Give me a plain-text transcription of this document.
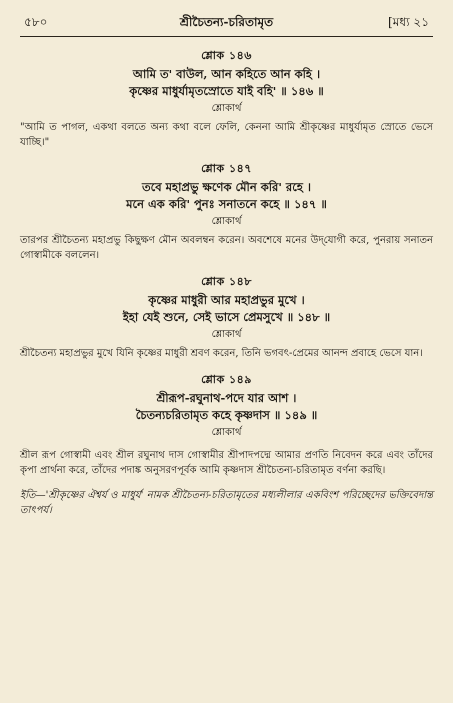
৫৮০	শ্রীচৈতন্য-চরিতামৃত	[মধ্য ২১
শ্লোক ১৪৬
আমি ত' বাউল, আন কহিতে আন কহি ।
কৃষ্ণের মাধুর্যামৃতস্রোতে যাই বহি' ॥ ১৪৬ ॥
শ্লোকার্থ

"আমি ত পাগল, একথা বলতে অন্য কথা বলে ফেলি, কেননা আমি শ্রীকৃষ্ণের মাধুর্যামৃত স্রোতে ভেসে যাচ্ছি।"

শ্লোক ১৪৭
তবে মহাপ্রভু ক্ষণেক মৌন করি' রহে ।
মনে এক করি' পুনঃ সনাতনে কহে ॥ ১৪৭ ॥
শ্লোকার্থ

তারপর শ্রীচৈতন্য মহাপ্রভু কিছুক্ষণ মৌন অবলম্বন করেন। অবশেষে মনের উদ্‌যোগী করে, পুনরায় সনাতন গোস্বামীকে বললেন।

শ্লোক ১৪৮
কৃষ্ণের মাধুরী আর মহাপ্রভুর মুখে ।
ইহা যেই শুনে, সেই ভাসে প্রেমসুখে ॥ ১৪৮ ॥
শ্লোকার্থ

শ্রীচৈতন্য মহাপ্রভুর মুখে যিনি কৃষ্ণের মাধুরী শ্রবণ করেন, তিনি ভগবৎ-প্রেমের আনন্দ প্রবাহে ভেসে যান।

শ্লোক ১৪৯
শ্রীরূপ-রঘুনাথ-পদে যার আশ ।
চৈতন্যচরিতামৃত কহে কৃষ্ণদাস ॥ ১৪৯ ॥
শ্লোকার্থ

শ্রীল রূপ গোস্বামী এবং শ্রীল রঘুনাথ দাস গোস্বামীর শ্রীপাদপদ্মে আমার প্রণতি নিবেদন করে এবং তাঁদের কৃপা প্রার্থনা করে, তাঁদের পদাঙ্ক অনুসরণপূর্বক আমি কৃষ্ণদাস শ্রীচৈতন্য-চরিতামৃত বর্ণনা করছি।

ইতি—'শ্রীকৃষ্ণের ঐশ্বর্য ও মাধুর্য' নামক শ্রীচৈতন্য-চরিতামৃতের মধ্যলীলার একবিংশ পরিচ্ছেদের ভক্তিবেদান্ত তাৎপর্য।
